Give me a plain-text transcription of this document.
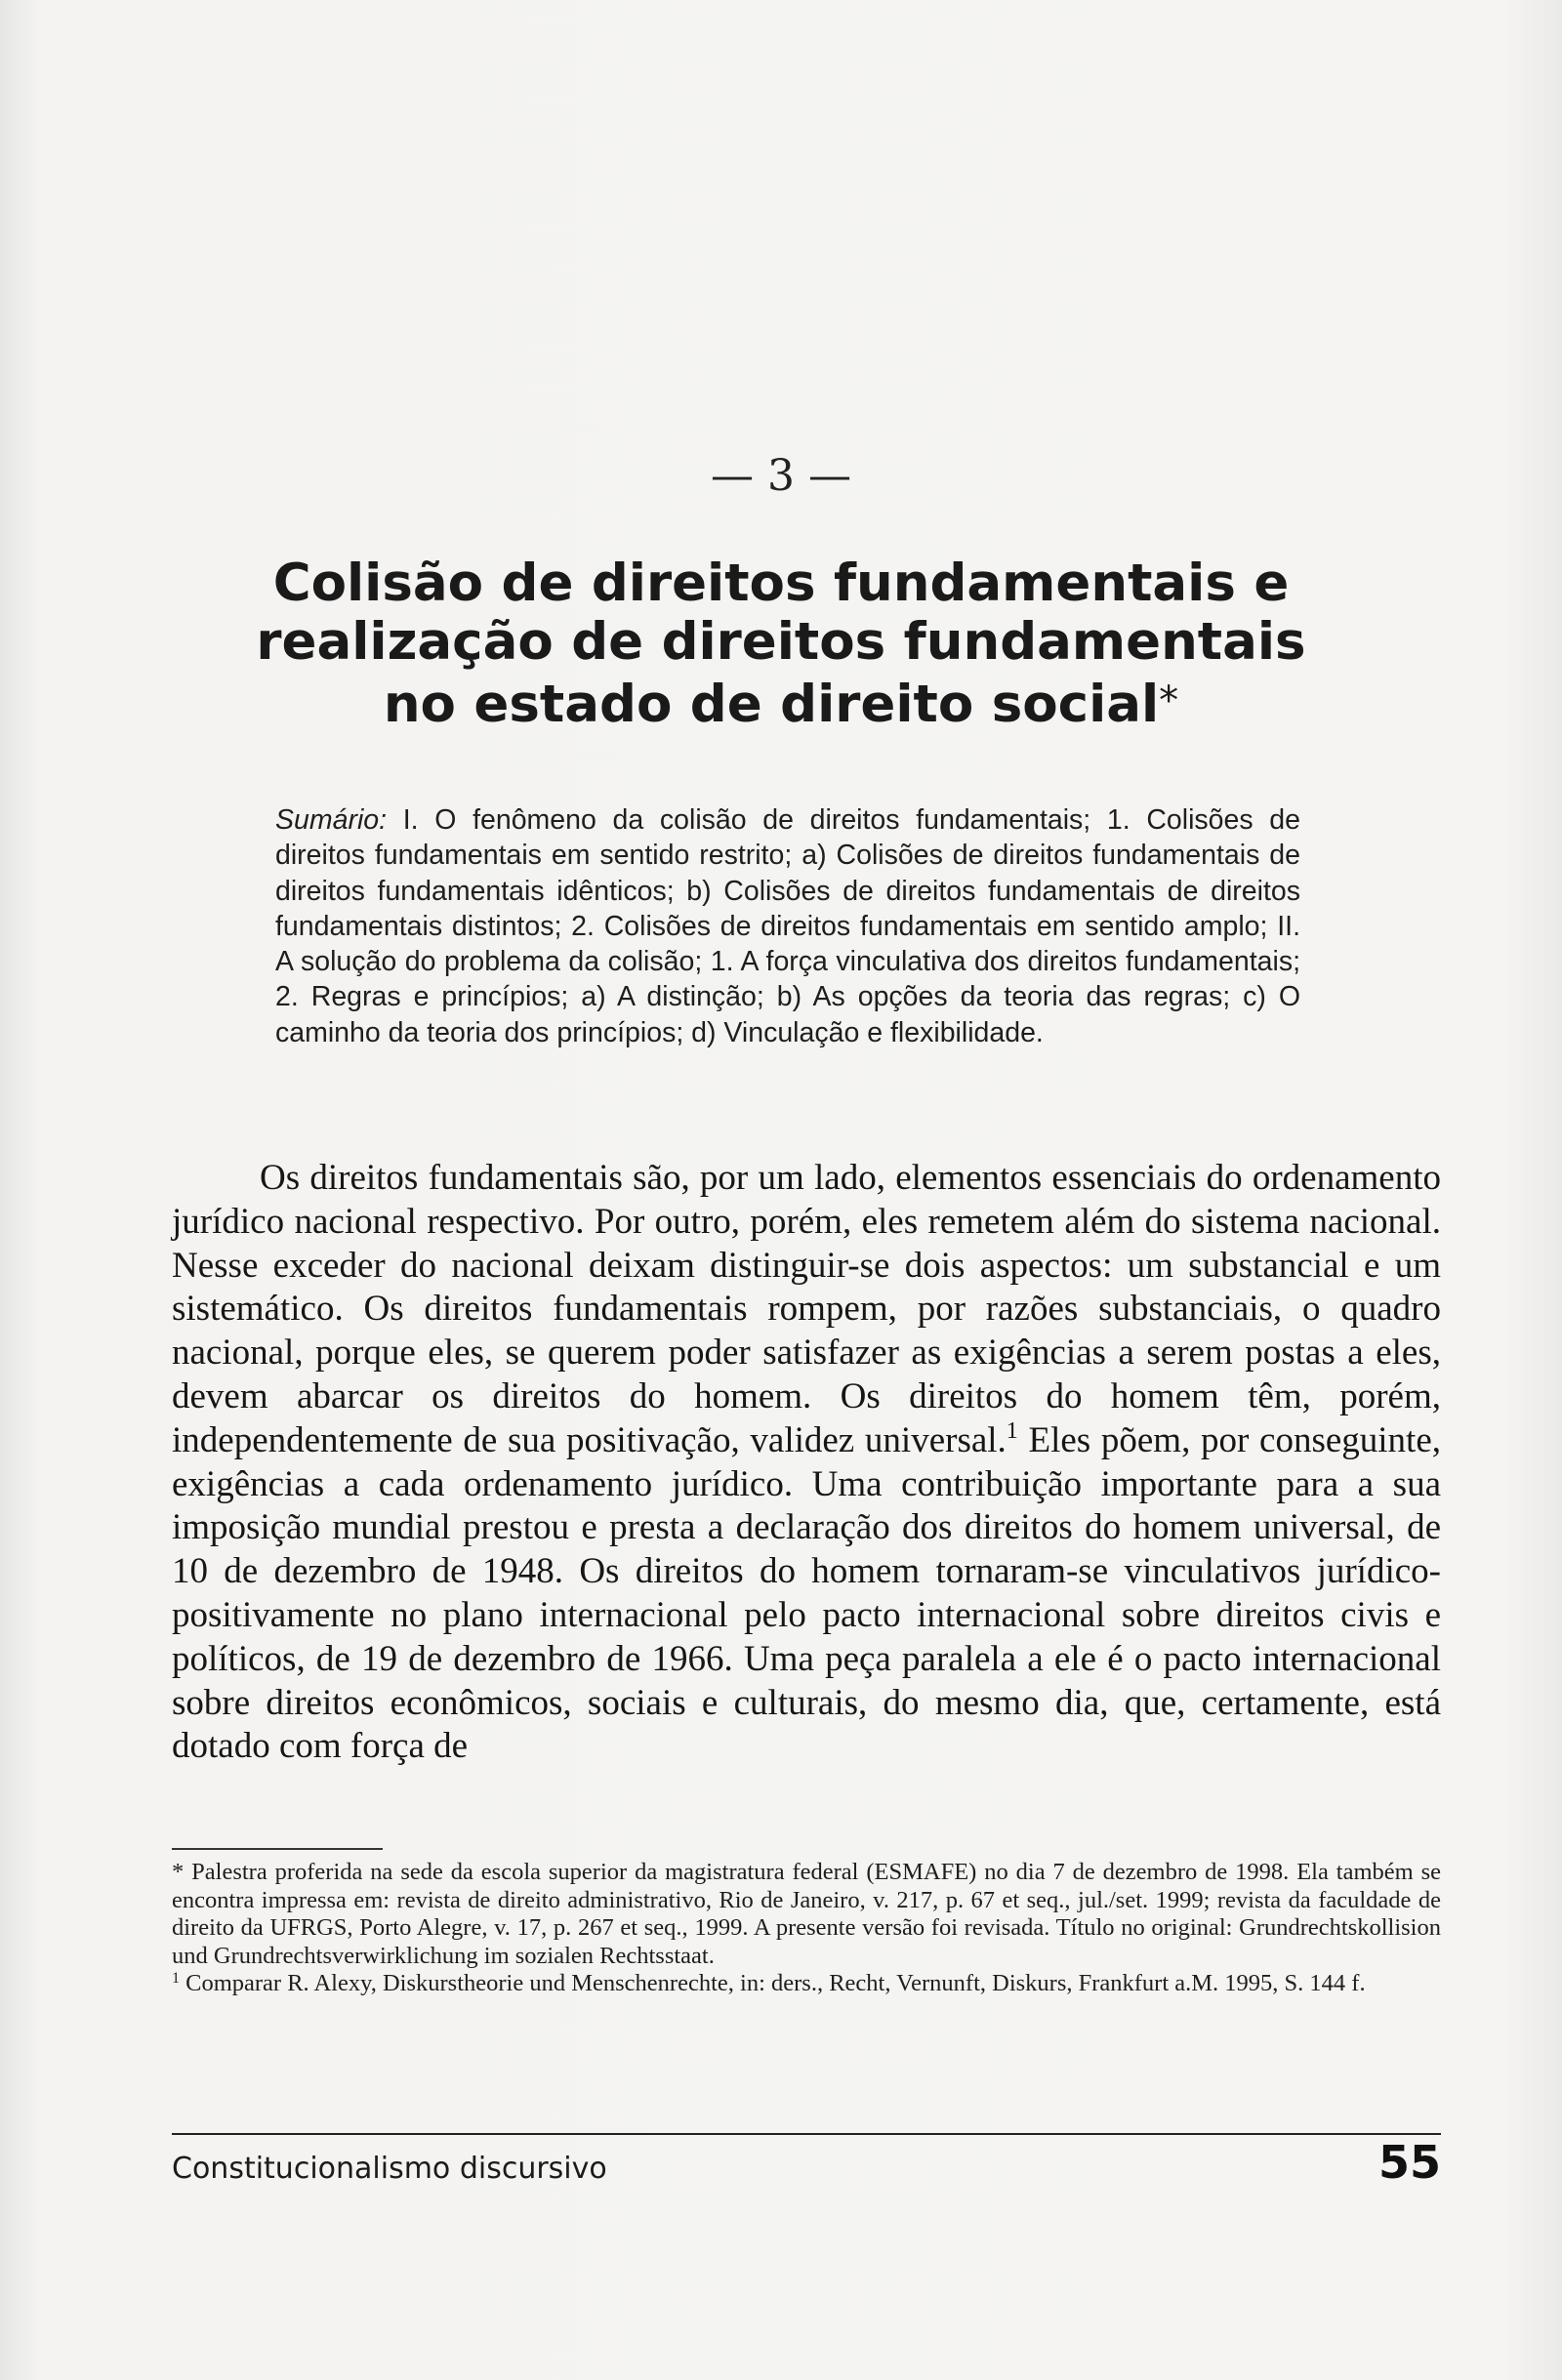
— 3 —
Colisão de direitos fundamentais e
realização de direitos fundamentais
no estado de direito social*
Sumário: I. O fenômeno da colisão de direitos fundamentais; 1. Colisões de direitos fundamentais em sentido restrito; a) Colisões de direitos fundamentais de direitos fundamentais idênticos; b) Colisões de direitos fundamentais de direitos fundamentais distintos; 2. Colisões de direitos fundamentais em sentido amplo; II. A solução do problema da colisão; 1. A força vinculativa dos direitos fundamentais; 2. Regras e princípios; a) A distinção; b) As opções da teoria das regras; c) O caminho da teoria dos princípios; d) Vinculação e flexibilidade.
Os direitos fundamentais são, por um lado, elementos essenciais do ordenamento jurídico nacional respectivo. Por outro, porém, eles remetem além do sistema nacional. Nesse exceder do nacional deixam distinguir-se dois aspectos: um substancial e um sistemático. Os direitos fundamentais rompem, por razões substanciais, o quadro nacional, porque eles, se querem poder satisfazer as exigências a serem postas a eles, devem abarcar os direitos do homem. Os direitos do homem têm, porém, independentemente de sua positivação, validez universal.$^1$ Eles põem, por conseguinte, exigências a cada ordenamento jurídico. Uma contribuição importante para a sua imposição mundial prestou e presta a declaração dos direitos do homem universal, de 10 de dezembro de 1948. Os direitos do homem tornaram-se vinculativos jurídico-positivamente no plano internacional pelo pacto internacional sobre direitos civis e políticos, de 19 de dezembro de 1966. Uma peça paralela a ele é o pacto internacional sobre direitos econômicos, sociais e culturais, do mesmo dia, que, certamente, está dotado com força de

* Palestra proferida na sede da escola superior da magistratura federal (ESMAFE) no dia 7 de dezembro de 1998. Ela também se encontra impressa em: revista de direito administrativo, Rio de Janeiro, v. 217, p. 67 et seq., jul./set. 1999; revista da faculdade de direito da UFRGS, Porto Alegre, v. 17, p. 267 et seq., 1999. A presente versão foi revisada. Título no original: Grundrechtskollision und Grundrechtsverwirklichung im sozialen Rechtsstaat.

$^1$ Comparar R. Alexy, Diskurstheorie und Menschenrechte, in: ders., Recht, Vernunft, Diskurs, Frankfurt a.M. 1995, S. 144 f.

Constitucionalismo discursivo	55
